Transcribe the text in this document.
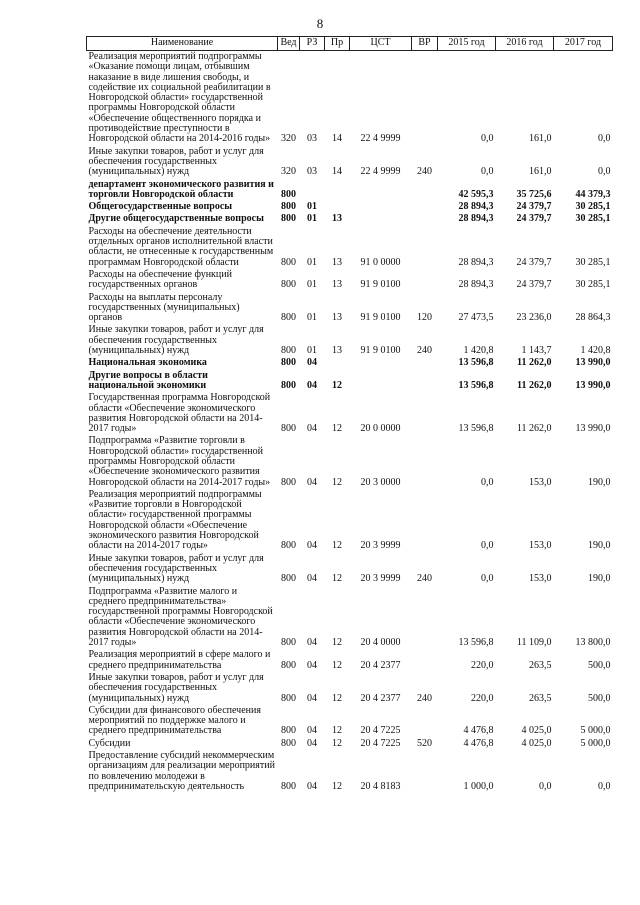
8
Наименование	Вед	РЗ	Пр	ЦСТ	ВР	2015 год	2016 год	2017 год
Реализация мероприятий подпрограммы «Оказание помощи лицам, отбывшим наказание в виде лишения свободы, и содействие их социальной реабилитации в Новгородской области» государственной программы Новгородской области «Обеспечение общественного порядка и противодействие преступности в Новгородской области на 2014-2016 годы»	320	03	14	22 4 9999		0,0	161,0	0,0
Иные закупки товаров, работ и услуг для обеспечения государственных (муниципальных) нужд	320	03	14	22 4 9999	240	0,0	161,0	0,0
департамент экономического развития и торговли Новгородской области	800					42 595,3	35 725,6	44 379,3
Общегосударственные вопросы	800	01				28 894,3	24 379,7	30 285,1
Другие общегосударственные вопросы	800	01	13			28 894,3	24 379,7	30 285,1
Расходы на обеспечение деятельности отдельных органов исполнительной власти области, не отнесенные к государственным программам Новгородской области	800	01	13	91 0 0000		28 894,3	24 379,7	30 285,1
Расходы на обеспечение функций государственных органов	800	01	13	91 9 0100		28 894,3	24 379,7	30 285,1
Расходы на выплаты персоналу государственных (муниципальных) органов	800	01	13	91 9 0100	120	27 473,5	23 236,0	28 864,3
Иные закупки товаров, работ и услуг для обеспечения государственных (муниципальных) нужд	800	01	13	91 9 0100	240	1 420,8	1 143,7	1 420,8
Национальная экономика	800	04				13 596,8	11 262,0	13 990,0
Другие вопросы в области национальной экономики	800	04	12			13 596,8	11 262,0	13 990,0
Государственная программа Новгородской области «Обеспечение экономического развития Новгородской области на 2014-2017 годы»	800	04	12	20 0 0000		13 596,8	11 262,0	13 990,0
Подпрограмма «Развитие торговли в Новгородской области» государственной программы Новгородской области «Обеспечение экономического развития Новгородской области на 2014-2017 годы»	800	04	12	20 3 0000		0,0	153,0	190,0
Реализация мероприятий подпрограммы «Развитие торговли в Новгородской области» государственной программы Новгородской области «Обеспечение экономического развития Новгородской области на 2014-2017 годы»	800	04	12	20 3 9999		0,0	153,0	190,0
Иные закупки товаров, работ и услуг для обеспечения государственных (муниципальных) нужд	800	04	12	20 3 9999	240	0,0	153,0	190,0
Подпрограмма «Развитие малого и среднего предпринимательства» государственной программы Новгородской области «Обеспечение экономического развития Новгородской области на 2014-2017 годы»	800	04	12	20 4 0000		13 596,8	11 109,0	13 800,0
Реализация мероприятий в сфере малого и среднего предпринимательства	800	04	12	20 4 2377		220,0	263,5	500,0
Иные закупки товаров, работ и услуг для обеспечения государственных (муниципальных) нужд	800	04	12	20 4 2377	240	220,0	263,5	500,0
Субсидии для финансового обеспечения мероприятий по поддержке малого и среднего предпринимательства	800	04	12	20 4 7225		4 476,8	4 025,0	5 000,0
Субсидии	800	04	12	20 4 7225	520	4 476,8	4 025,0	5 000,0
Предоставление субсидий некоммерческим организациям для реализации мероприятий по вовлечению молодежи в предпринимательскую деятельность	800	04	12	20 4 8183		1 000,0	0,0	0,0
